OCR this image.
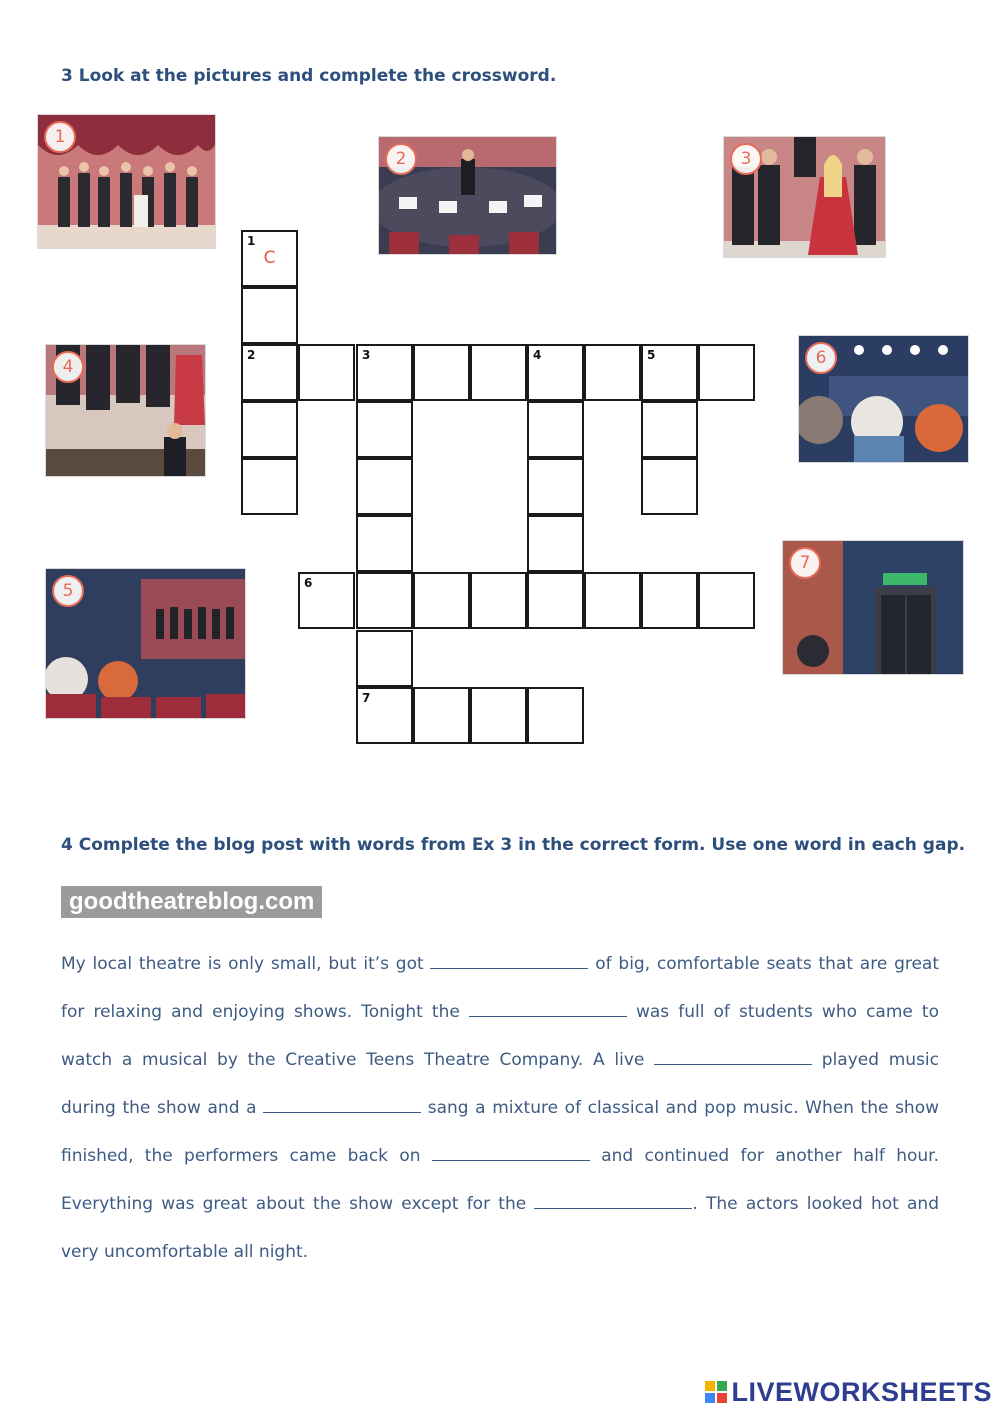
3 Look at the pictures and complete the crossword.
1
2	3
4
5
6
7
1
C
2	3	4	5
6
7
4 Complete the blog post with words from Ex 3 in the correct form. Use one word in each gap.
goodtheatreblog.com

My local theatre is only small, but it’s got	of big, comfortable seats that are great for relaxing and enjoying shows. Tonight the	was full of students who came to watch a musical by the Creative Teens Theatre Company. A live	played music during the show and a	sang a mixture of classical and pop music. When the show finished, the performers came back on	and continued for another half hour. Everything was great about the show except for the	. The actors looked hot and very uncomfortable all night.

LIVEWORKSHEETS
